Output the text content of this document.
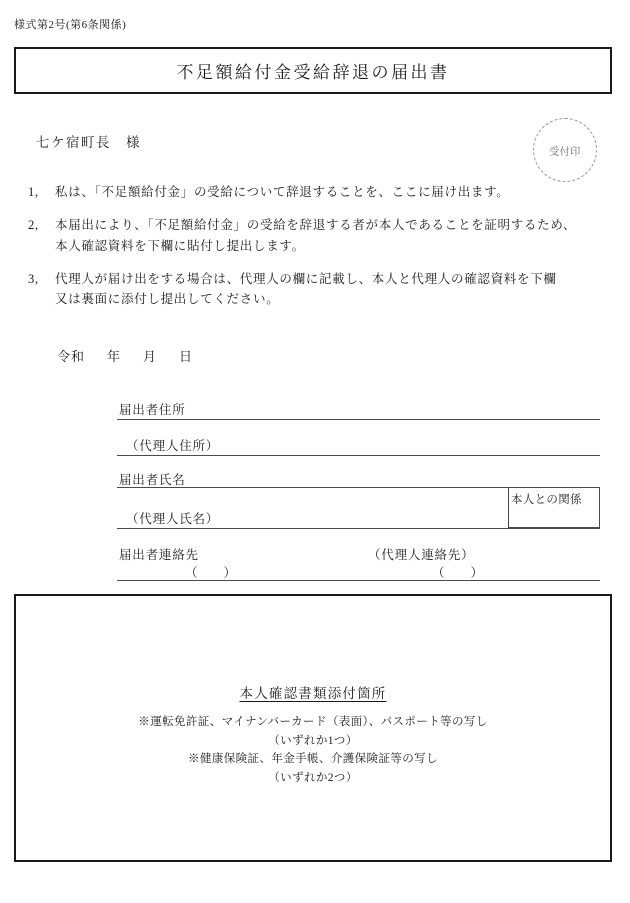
様式第2号(第6条関係)
不足額給付金受給辞退の届出書
七ケ宿町長　様
受付印
1,	私は、「不足額給付金」の受給について辞退することを、ここに届け出ます。
2,	本届出により、「不足額給付金」の受給を辞退する者が本人であることを証明するため、
本人確認資料を下欄に貼付し提出します。
3,	代理人が届け出をする場合は、代理人の欄に記載し、本人と代理人の確認資料を下欄
又は裏面に添付し提出してください。
令和 年 月 日
届出者住所
（代理人住所）
届出者氏名
（代理人氏名）
本人との関係
届出者連絡先	（代理人連絡先）
（ ）	（ ）
本人確認書類添付箇所
※運転免許証、マイナンバーカード（表面）、パスポート等の写し
（いずれか1つ）
※健康保険証、年金手帳、介護保険証等の写し
（いずれか2つ）
